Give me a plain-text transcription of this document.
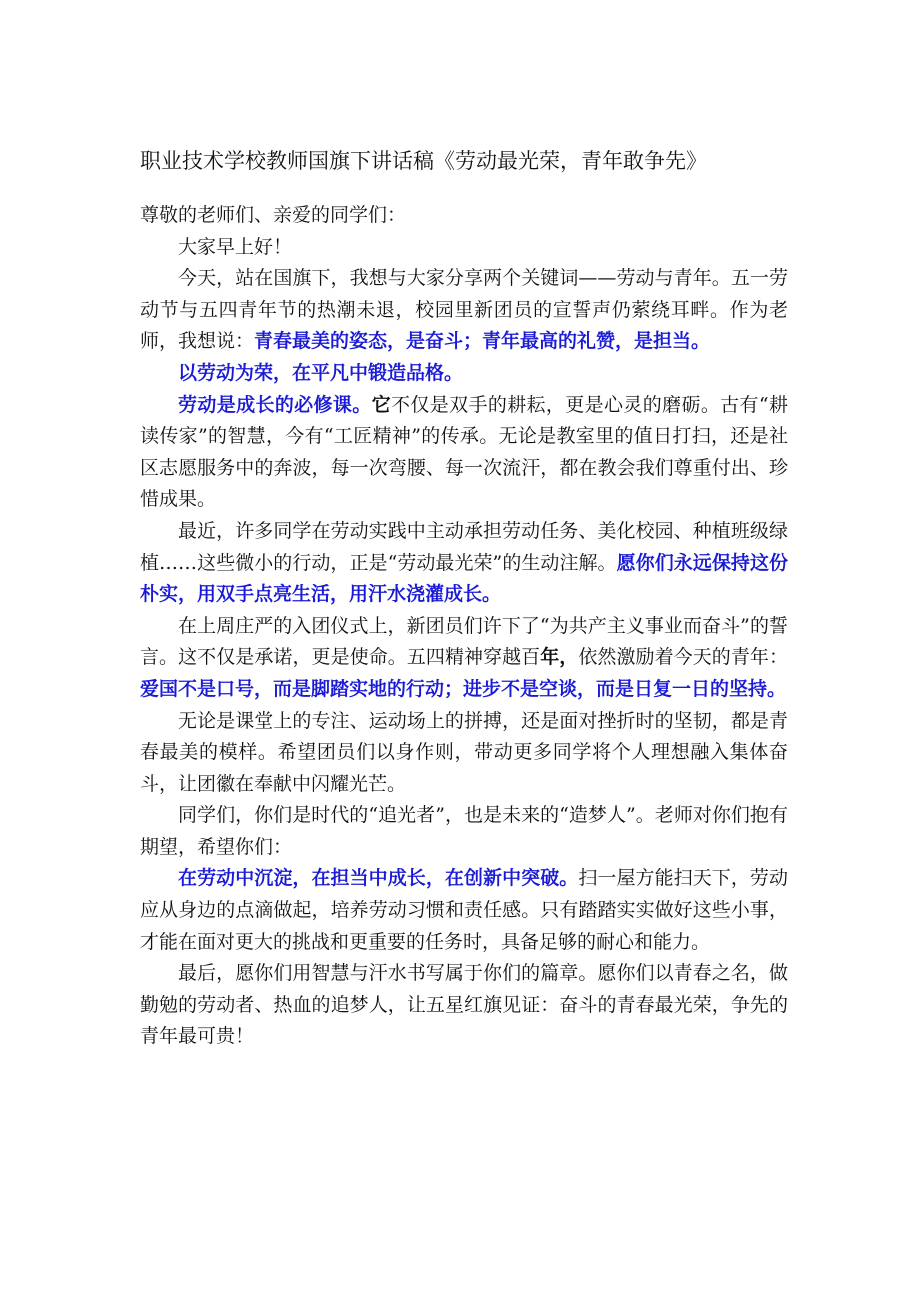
职业技术学校教师国旗下讲话稿《劳动最光荣，青年敢争先》

尊敬的老师们、亲爱的同学们：

大家早上好！

今天，站在国旗下，我想与大家分享两个关键词——劳动与青年。五一劳动节与五四青年节的热潮未退，校园里新团员的宣誓声仍萦绕耳畔。作为老师，我想说：青春最美的姿态，是奋斗；青年最高的礼赞，是担当。

以劳动为荣，在平凡中锻造品格。

劳动是成长的必修课。它不仅是双手的耕耘，更是心灵的磨砺。古有“耕读传家”的智慧，今有“工匠精神”的传承。无论是教室里的值日打扫，还是社区志愿服务中的奔波，每一次弯腰、每一次流汗，都在教会我们尊重付出、珍惜成果。

最近，许多同学在劳动实践中主动承担劳动任务、美化校园、种植班级绿植……这些微小的行动，正是“劳动最光荣”的生动注解。愿你们永远保持这份朴实，用双手点亮生活，用汗水浇灌成长。

在上周庄严的入团仪式上，新团员们许下了“为共产主义事业而奋斗”的誓言。这不仅是承诺，更是使命。五四精神穿越百年，依然激励着今天的青年：爱国不是口号，而是脚踏实地的行动；进步不是空谈，而是日复一日的坚持。

无论是课堂上的专注、运动场上的拼搏，还是面对挫折时的坚韧，都是青春最美的模样。希望团员们以身作则，带动更多同学将个人理想融入集体奋斗，让团徽在奉献中闪耀光芒。

同学们，你们是时代的“追光者”，也是未来的“造梦人”。老师对你们抱有期望，希望你们：

在劳动中沉淀，在担当中成长，在创新中突破。扫一屋方能扫天下，劳动应从身边的点滴做起，培养劳动习惯和责任感。只有踏踏实实做好这些小事，才能在面对更大的挑战和更重要的任务时，具备足够的耐心和能力。

最后，愿你们用智慧与汗水书写属于你们的篇章。愿你们以青春之名，做勤勉的劳动者、热血的追梦人，让五星红旗见证：奋斗的青春最光荣，争先的青年最可贵！
